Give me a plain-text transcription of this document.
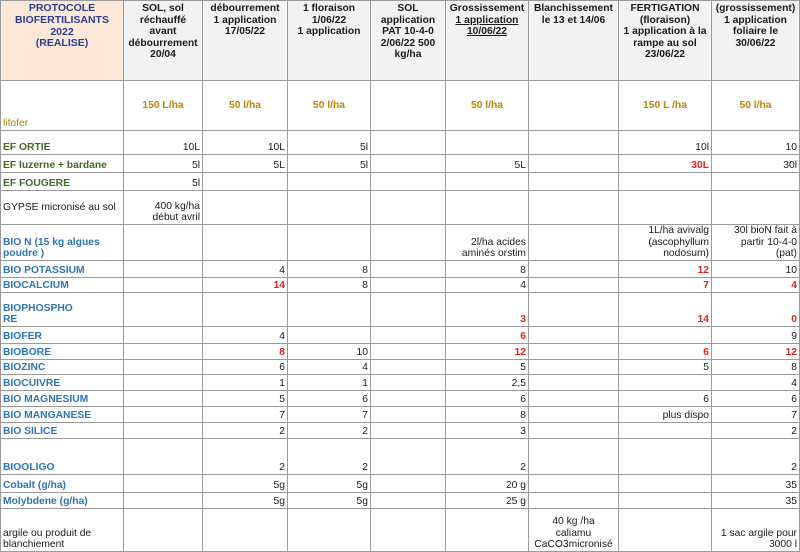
PROTOCOLE
BIOFERTILISANTS 2022
(REALISE)	SOL, sol
réchauffé
avant
débourrement
20/04	débourrement
1 application
17/05/22	1 floraison
1/06/22
1 application	SOL
application
PAT 10-4-0
2/06/22 500
kg/ha	Grossissement
1 application
10/06/22	Blanchissement
le 13 et 14/06	FERTIGATION
(floraison)
1 application à la
rampe au sol
23/06/22	(grossissement)
1 application
foliaire le
30/06/22
lifofer	150 L/ha	50 l/ha	50 l/ha		50 l/ha		150 L /ha	50 l/ha
EF ORTIE	10L	10L	5l				10l	10
EF luzerne + bardane	5l	5L	5l		5L		30L	30l
EF FOUGERE	5l							
GYPSE micronisé au sol	400 kg/ha
début avril							
BIO N (15 kg algues
poudre )					2l/ha acides
aminés orstim		1L/ha avivalg
(ascophyllum
nodosum)	30l bioN fait à
partir 10-4-0
(pat)
BIO POTASSIUM		4	8		8		12	10
BIOCALCIUM		14	8		4		7	4
BIOPHOSPHO
RE					3		14	0
BIOFER		4			6			9
BIOBORE		8	10		12		6	12
BIOZINC		6	4		5		5	8
BIOCUIVRE		1	1		2,5			4
BIO MAGNESIUM		5	6		6		6	6
BIO MANGANESE		7	7		8		plus dispo	7
BIO SILICE		2	2		3			2
BIOOLIGO		2	2		2			2
Cobalt (g/ha)		5g	5g		20 g			35
Molybdene (g/ha)		5g	5g		25 g			35
argile ou produit de
blanchiement						40 kg /ha
caliamu
CaCO3micronisé		1 sac argile pour
3000 l
